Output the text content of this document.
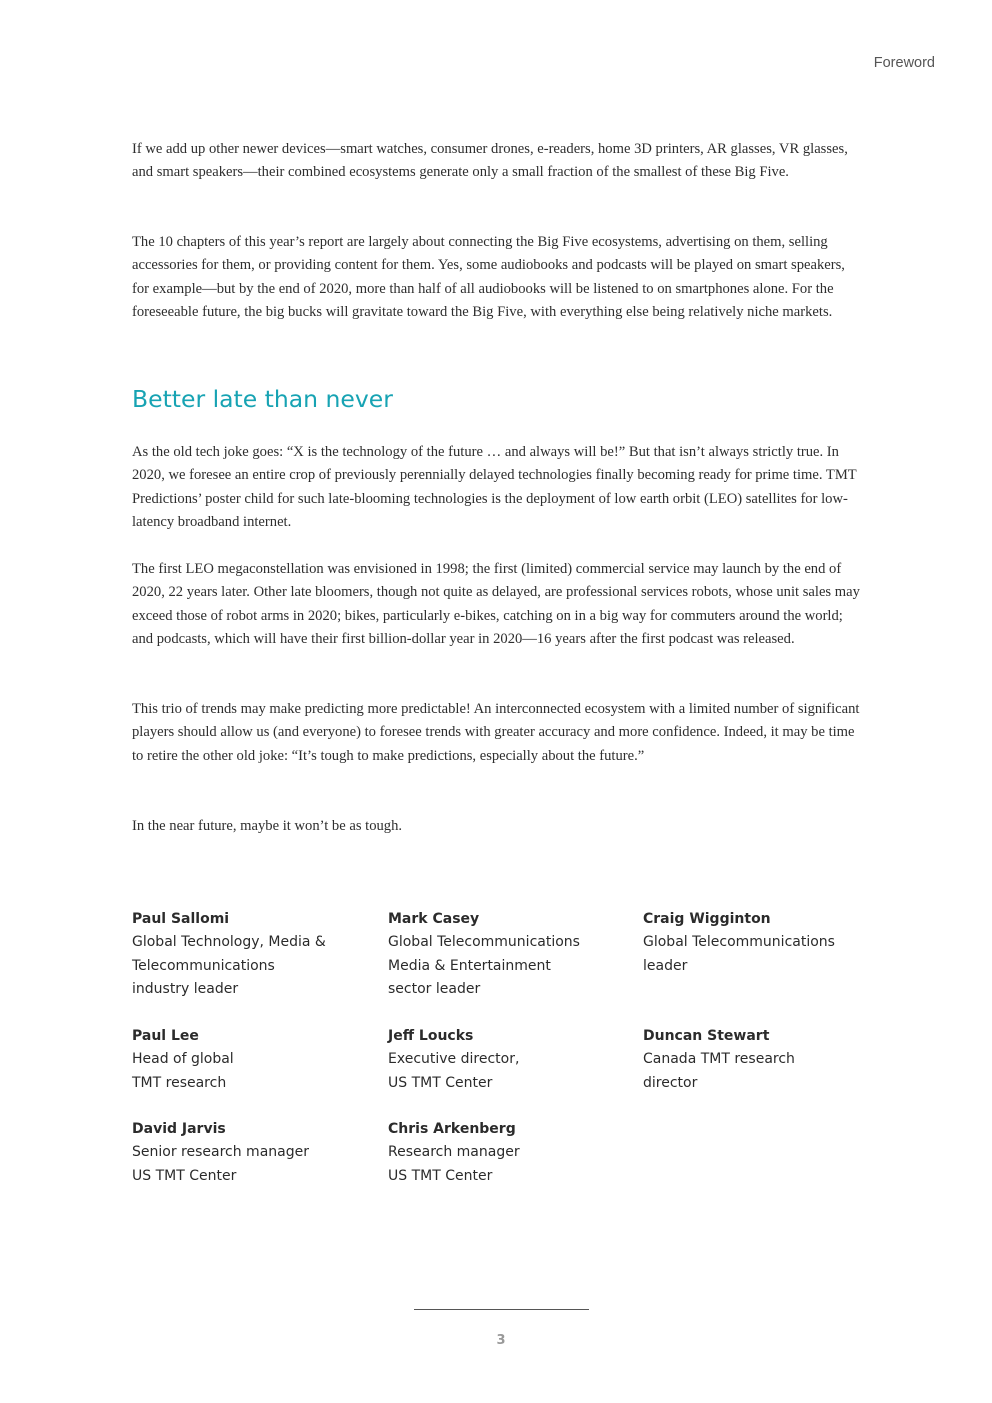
Foreword

If we add up other newer devices—smart watches, consumer drones, e-readers, home 3D printers, AR glasses, VR glasses, and smart speakers—their combined ecosystems generate only a small fraction of the smallest of these Big Five.

The 10 chapters of this year’s report are largely about connecting the Big Five ecosystems, advertising on them, selling accessories for them, or providing content for them. Yes, some audiobooks and podcasts will be played on smart speakers, for example—but by the end of 2020, more than half of all audiobooks will be listened to on smartphones alone. For the foreseeable future, the big bucks will gravitate toward the Big Five, with everything else being relatively niche markets.

Better late than never

As the old tech joke goes: “X is the technology of the future … and always will be!” But that isn’t always strictly true. In 2020, we foresee an entire crop of previously perennially delayed technologies finally becoming ready for prime time. TMT Predictions’ poster child for such late-blooming technologies is the deployment of low earth orbit (LEO) satellites for low-latency broadband internet.

The first LEO megaconstellation was envisioned in 1998; the first (limited) commercial service may launch by the end of 2020, 22 years later. Other late bloomers, though not quite as delayed, are professional services robots, whose unit sales may exceed those of robot arms in 2020; bikes, particularly e-bikes, catching on in a big way for commuters around the world; and podcasts, which will have their first billion-dollar year in 2020—16 years after the first podcast was released.

This trio of trends may make predicting more predictable! An interconnected ecosystem with a limited number of significant players should allow us (and everyone) to foresee trends with greater accuracy and more confidence. Indeed, it may be time to retire the other old joke: “It’s tough to make predictions, especially about the future.”

In the near future, maybe it won’t be as tough.

Paul Sallomi
Global Technology, Media &
Telecommunications
industry leader
Mark Casey
Global Telecommunications
Media & Entertainment
sector leader
Craig Wigginton
Global Telecommunications
leader
Paul Lee
Head of global
TMT research
Jeff Loucks
Executive director,
US TMT Center
Duncan Stewart
Canada TMT research
director
David Jarvis
Senior research manager
US TMT Center
Chris Arkenberg
Research manager
US TMT Center
3
